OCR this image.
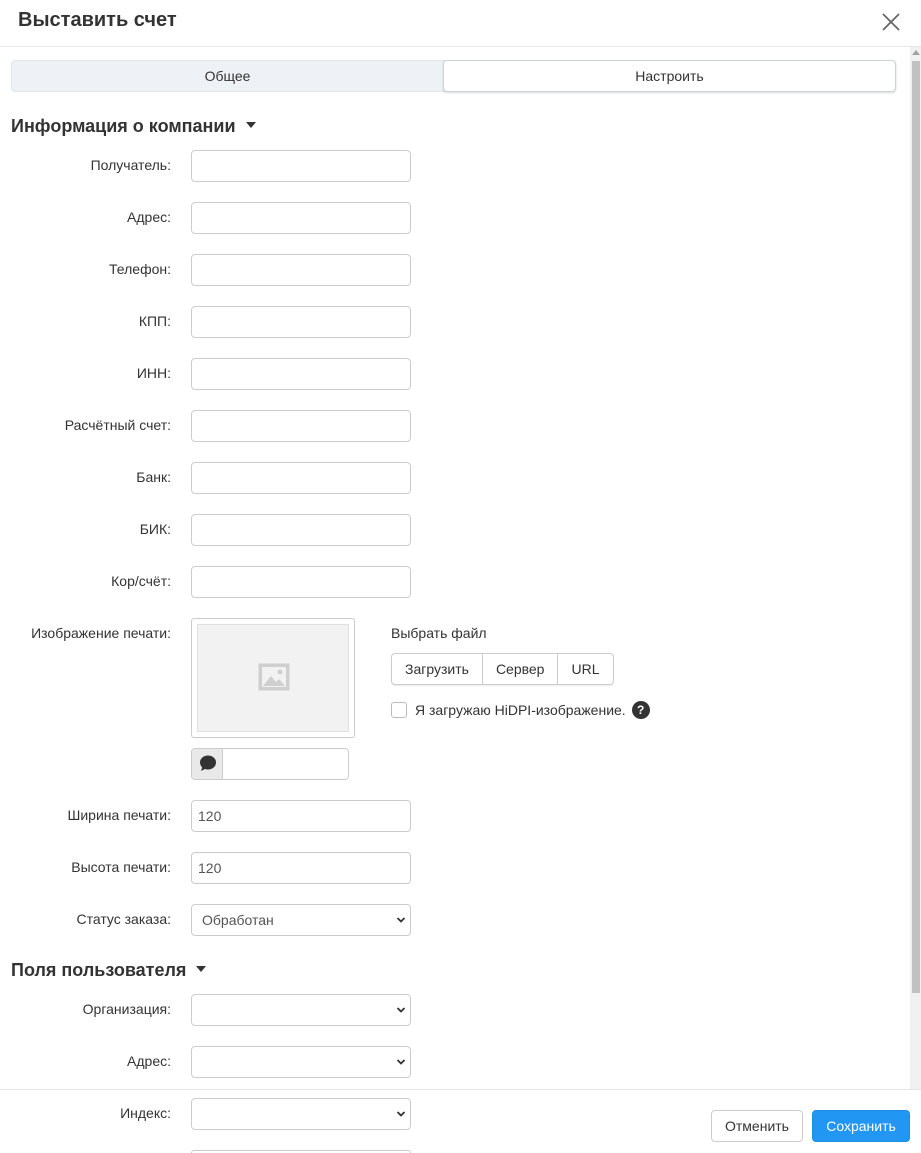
Выставить счет
Общее	Настроить
Информация о компании
Получатель:
Адрес:
Телефон:
КПП:
ИНН:
Расчётный счет:
Банк:
БИК:
Кор/счёт:
Изображение печати:	Выбрать файл
Загрузить	Сервер	URL
Я загружаю HiDPI-изображение. ?
Ширина печати:	120
Высота печати:	120
Статус заказа:	Обработан
Поля пользователя
Организация:
Адрес:
Индекс:
Отменить	Сохранить
